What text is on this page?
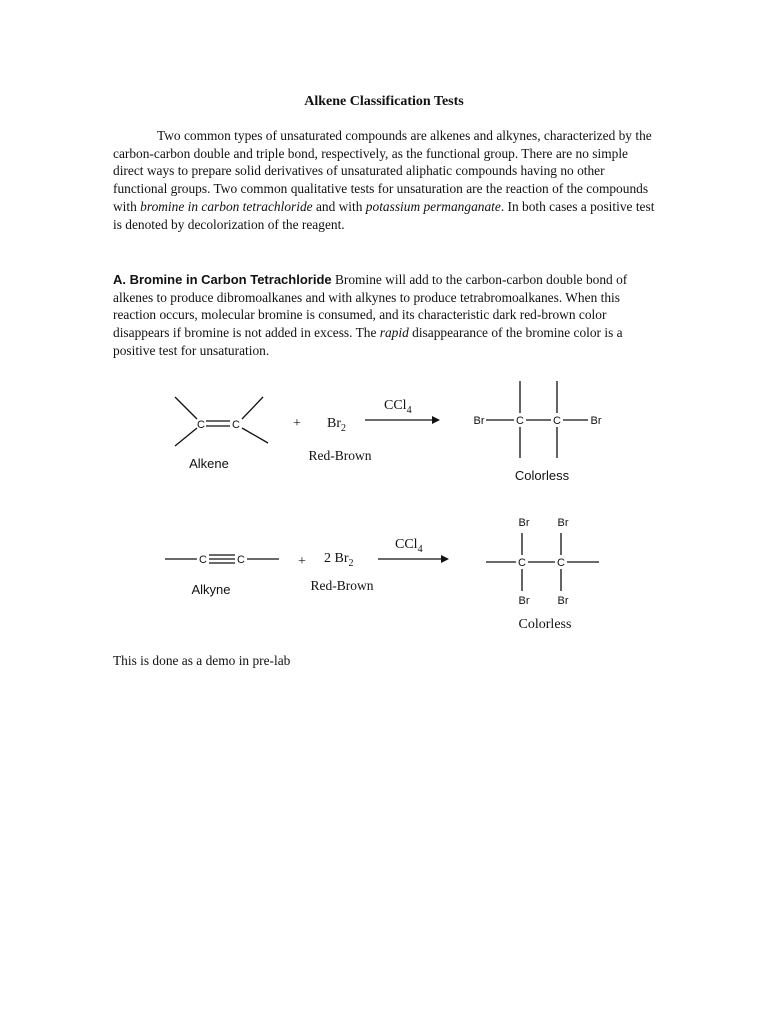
Alkene Classification Tests

Two common types of unsaturated compounds are alkenes and alkynes, characterized by the carbon-carbon double and triple bond, respectively, as the functional group. There are no simple direct ways to prepare solid derivatives of unsaturated aliphatic compounds having no other functional groups. Two common qualitative tests for unsaturation are the reaction of the compounds with bromine in carbon tetrachloride and with potassium permanganate. In both cases a positive test is denoted by decolorization of the reagent.

A. Bromine in Carbon Tetrachloride Bromine will add to the carbon-carbon double bond of alkenes to produce dibromoalkanes and with alkynes to produce tetrabromoalkanes. When this reaction occurs, molecular bromine is consumed, and its characteristic dark red-brown color disappears if bromine is not added in excess. The rapid disappearance of the bromine color is a positive test for unsaturation.

C C
Alkene
+ $Br_2$
Red-Brown
CCl$_4$
Br	C	C	Br
Colorless
C	C
Alkyne
+ 2 $Br_2$
Red-Brown
CCl$_4$
Br	Br
C	C
Br	Br
Colorless
This is done as a demo in pre-lab
